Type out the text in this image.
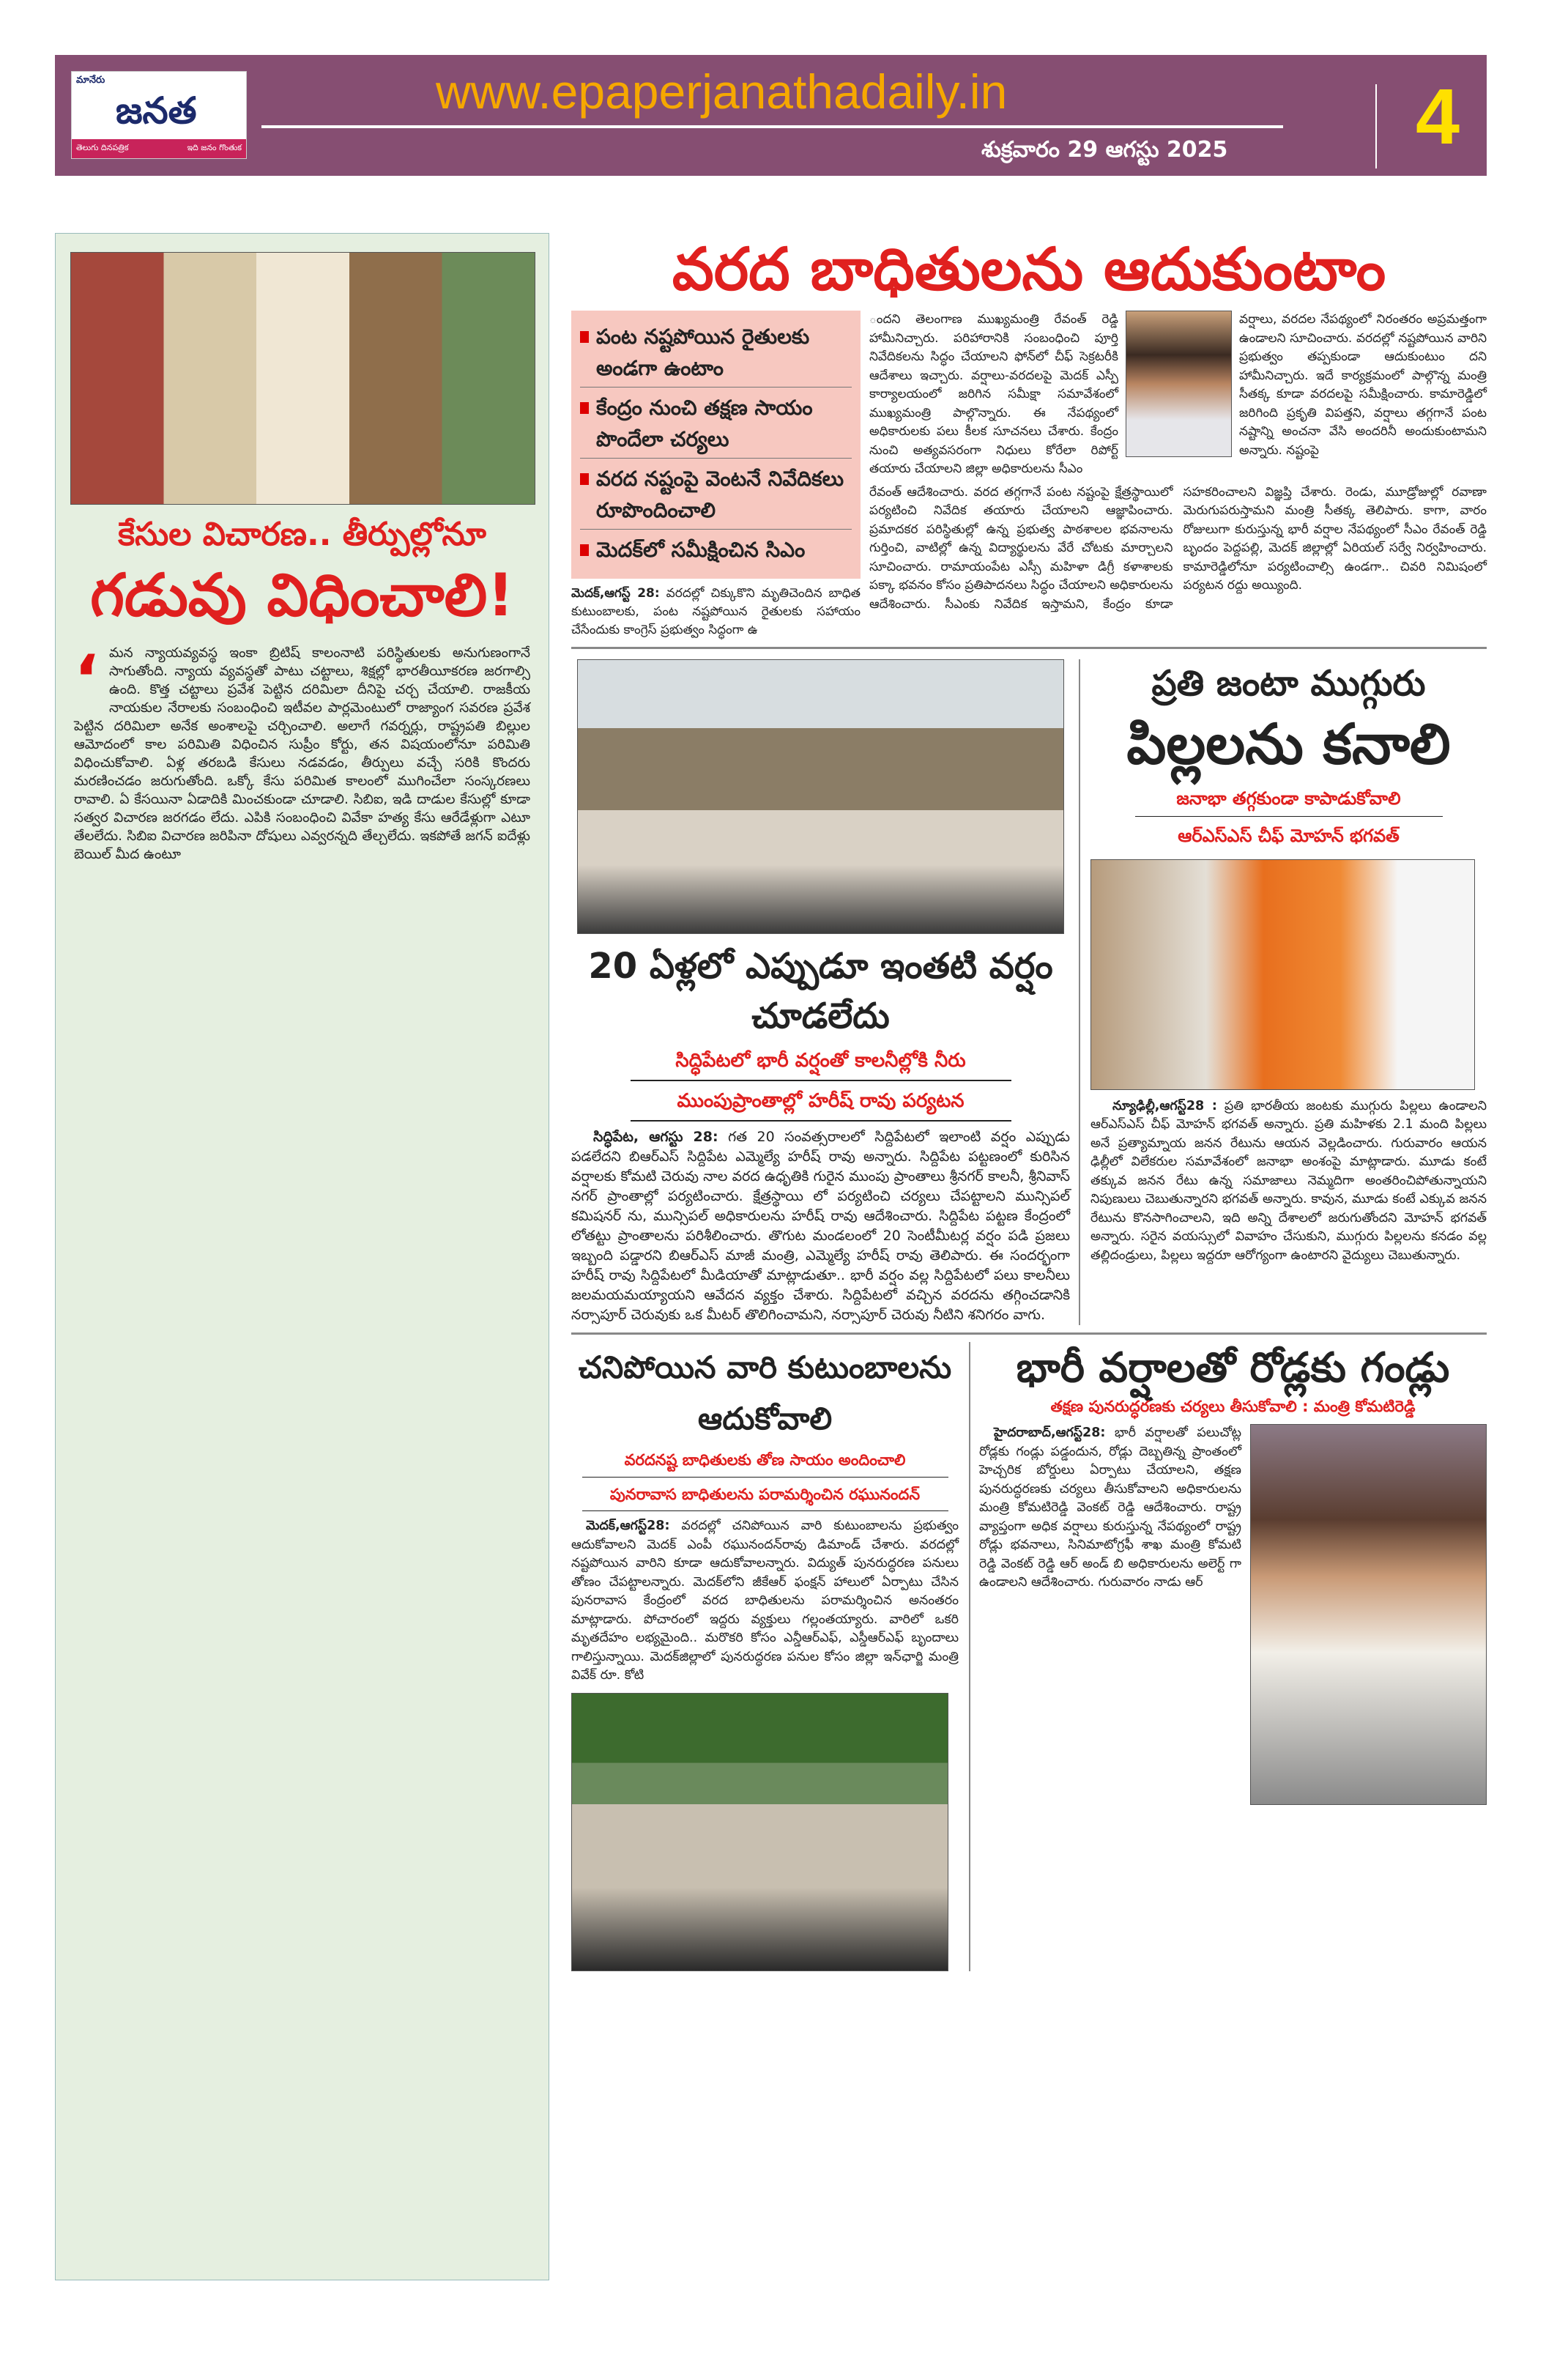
మానేరు
జనత
తెలుగు దినపత్రిక	ఇది జనం గొంతుక
www.epaperjanathadaily.in
శుక్రవారం 29 ఆగస్టు 2025 4
కేసుల విచారణ.. తీర్పుల్లోనూ
గడువు విధించాలి!
‘ మన న్యాయవ్యవస్థ ఇంకా బ్రిటిష్ కాలంనాటి పరిస్థితులకు అనుగుణంగానే సాగుతోంది. న్యాయ వ్యవస్థతో పాటు చట్టాలు, శిక్షల్లో భారతీయీకరణ జరగాల్సి ఉంది. కొత్త చట్టాలు ప్రవేశ పెట్టిన దరిమిలా దీనిపై చర్చ చేయాలి. రాజకీయ నాయకుల నేరాలకు సంబంధించి ఇటీవల పార్లమెంటులో రాజ్యాంగ సవరణ ప్రవేశ పెట్టిన దరిమిలా అనేక అంశాలపై చర్చించాలి. అలాగే గవర్నర్లు, రాష్ట్రపతి బిల్లుల ఆమోదంలో కాల పరిమితి విధించిన సుప్రీం కోర్టు, తన విషయంలోనూ పరిమితి విధించుకోవాలి. ఏళ్ల తరబడి కేసులు నడవడం, తీర్పులు వచ్చే సరికి కొందరు మరణించడం జరుగుతోంది. ఒక్కో కేసు పరిమిత కాలంలో ముగించేలా సంస్కరణలు రావాలి. ఏ కేసయినా ఏడాదికి మించకుండా చూడాలి. సిబిఐ, ఇడి దాడుల కేసుల్లో కూడా సత్వర విచారణ జరగడం లేదు. ఎపికి సంబంధించి వివేకా హత్య కేసు ఆరేడేళ్లుగా ఎటూ తేలలేదు. సిబిఐ విచారణ జరిపినా దోషులు ఎవ్వరన్నది తేల్చలేదు. ఇకపోతే జగన్ ఐదేళ్లు బెయిల్ మీద ఉంటూ
వరద బాధితులను ఆదుకుంటాం
పంట నష్టపోయిన రైతులకు అండగా ఉంటాం
కేంద్రం నుంచి తక్షణ సాయం పొందేలా చర్యలు
వరద నష్టంపై వెంటనే నివేదికలు రూపొందించాలి
మెదక్‌లో సమీక్షించిన సిఎం
మెదక్,ఆగస్ట్ 28: వరదల్లో చిక్కుకొని మృతిచెందిన బాధిత కుటుంబాలకు, పంట నష్టపోయిన రైతులకు సహాయం చేసేందుకు కాంగ్రెస్ ప్రభుత్వం సిద్ధంగా ఉ
ందని తెలంగాణ ముఖ్యమంత్రి రేవంత్ రెడ్డి హామీనిచ్చారు. పరిహారానికి సంబంధించి పూర్తి నివేదికలను సిద్ధం చేయాలని ఫోన్‌లో చీఫ్ సెక్రటరీకి ఆదేశాలు ఇచ్చారు. వర్షాలు-వరదలపై మెదక్ ఎస్పీ కార్యాలయంలో జరిగిన సమీక్షా సమావేశంలో ముఖ్యమంత్రి పాల్గొన్నారు. ఈ నేపథ్యంలో అధికారులకు పలు కీలక సూచనలు చేశారు. కేంద్రం నుంచి అత్యవసరంగా నిధులు కోరేలా రిపోర్ట్ తయారు చేయాలని జిల్లా అధికారులను సీఎం
వర్షాలు, వరదల నేపథ్యంలో నిరంతరం అప్రమత్తంగా ఉండాలని సూచించారు. వరదల్లో నష్టపోయిన వారిని ప్రభుత్వం తప్పకుండా ఆదుకుంటుం దని హామీనిచ్చారు. ఇదే కార్యక్రమంలో పాల్గొన్న మంత్రి సీతక్క కూడా వరదలపై సమీక్షించారు. కామారెడ్డిలో జరిగింది ప్రకృతి విపత్తని, వర్షాలు తగ్గగానే పంట నష్టాన్ని అంచనా వేసి అందరినీ అందుకుంటామని అన్నారు. నష్టంపై
రేవంత్ ఆదేశించారు. వరద తగ్గగానే పంట నష్టంపై క్షేత్రస్థాయిలో పర్యటించి నివేదిక తయారు చేయాలని ఆజ్ఞాపించారు. ప్రమాదకర పరిస్థితుల్లో ఉన్న ప్రభుత్వ పాఠశాలల భవనాలను గుర్తించి, వాటిల్లో ఉన్న విద్యార్థులను వేరే చోటకు మార్చాలని సూచించారు. రామాయంపేట ఎస్సీ మహిళా డిగ్రీ కళాశాలకు పక్కా భవనం కోసం ప్రతిపాదనలు సిద్ధం చేయాలని అధికారులను ఆదేశించారు. సీఎంకు నివేదిక ఇస్తామని, కేంద్రం కూడా సహకరించాలని విజ్ఞప్తి చేశారు. రెండు, మూడ్రోజుల్లో రవాణా మెరుగుపరుస్తామని మంత్రి సీతక్క తెలిపారు. కాగా, వారం రోజులుగా కురుస్తున్న భారీ వర్షాల నేపథ్యంలో సీఎం రేవంత్ రెడ్డి బృందం పెద్దపల్లి, మెదక్ జిల్లాల్లో ఏరియల్ సర్వే నిర్వహించారు. కామారెడ్డిలోనూ పర్యటించాల్సి ఉండగా.. చివరి నిమిషంలో పర్యటన రద్దు అయ్యింది.
20 ఏళ్లలో ఎప్పుడూ ఇంతటి వర్షం చూడలేదు
సిద్ధిపేటలో భారీ వర్షంతో కాలనీల్లోకి నీరు
ముంపుప్రాంతాల్లో హరీష్ రావు పర్యటన
సిద్ధిపేట, ఆగస్టు 28: గత 20 సంవత్సరాలలో సిద్దిపేటలో ఇలాంటి వర్షం ఎప్పుడు పడలేదని బిఆర్ఎస్ సిద్దిపేట ఎమ్మెల్యే హరీష్ రావు అన్నారు. సిద్దిపేట పట్టణంలో కురిసిన వర్షాలకు కోమటి చెరువు నాల వరద ఉధృతికి గురైన ముంపు ప్రాంతాలు శ్రీనగర్ కాలనీ, శ్రీనివాస్ నగర్ ప్రాంతాల్లో పర్యటించారు. క్షేత్రస్థాయి లో పర్యటించి చర్యలు చేపట్టాలని మున్సిపల్ కమిషనర్ ను, మున్సిపల్ అధికారులను హరీష్ రావు ఆదేశించారు. సిద్దిపేట పట్టణ కేంద్రంలో లోతట్టు ప్రాంతాలను పరిశీలించారు. తొగుట మండలంలో 20 సెంటీమీటర్ల వర్షం పడి ప్రజలు ఇబ్బంది పడ్డారని బిఆర్ఎస్ మాజీ మంత్రి, ఎమ్మెల్యే హరీష్ రావు తెలిపారు. ఈ సందర్భంగా హరీష్ రావు సిద్దిపేటలో మీడియాతో మాట్లాడుతూ.. భారీ వర్షం వల్ల సిద్దిపేటలో పలు కాలనీలు జలమయమయ్యాయని ఆవేదన వ్యక్తం చేశారు. సిద్దిపేటలో వచ్చిన వరదను తగ్గించడానికి నర్సాపూర్ చెరువుకు ఒక మీటర్ తొలిగించామని, నర్సాపూర్ చెరువు నీటిని శనిగరం వాగు.
ప్రతి జంటా ముగ్గురు
పిల్లలను కనాలి
జనాభా తగ్గకుండా కాపాడుకోవాలి
ఆర్ఎస్ఎస్ చీఫ్ మోహన్ భగవత్
న్యూఢిల్లీ,ఆగస్ట్28 : ప్రతి భారతీయ జంటకు ముగ్గురు పిల్లలు ఉండాలని ఆర్ఎస్ఎస్ చీఫ్ మోహన్ భగవత్ అన్నారు. ప్రతి మహిళకు 2.1 మంది పిల్లలు అనే ప్రత్యామ్నాయ జనన రేటును ఆయన వెల్లడించారు. గురువారం ఆయన ఢిల్లీలో విలేకరుల సమావేశంలో జనాభా అంశంపై మాట్లాడారు. మూడు కంటే తక్కువ జనన రేటు ఉన్న సమాజాలు నెమ్మదిగా అంతరించిపోతున్నాయని నిపుణులు చెబుతున్నారని భగవత్ అన్నారు. కావున, మూడు కంటే ఎక్కువ జనన రేటును కొనసాగించాలని, ఇది అన్ని దేశాలలో జరుగుతోందని మోహన్ భగవత్ అన్నారు. సరైన వయస్సులో వివాహం చేసుకుని, ముగ్గురు పిల్లలను కనడం వల్ల తల్లిదండ్రులు, పిల్లలు ఇద్దరూ ఆరోగ్యంగా ఉంటారని వైద్యులు చెబుతున్నారు.
చనిపోయిన వారి కుటుంబాలను ఆదుకోవాలి
వరదనష్ట బాధితులకు తోణ సాయం అందించాలి
పునరావాస బాధితులను పరామర్శించిన రఘునందన్
మెదక్,ఆగస్ట్28: వరదల్లో చనిపోయిన వారి కుటుంబాలను ప్రభుత్వం ఆదుకోవాలని మెదక్ ఎంపీ రఘునందన్‌రావు డిమాండ్ చేశారు. వరదల్లో నష్టపోయిన వారిని కూడా ఆదుకోవాలన్నారు. విద్యుత్ పునరుద్ధరణ పనులు తోణం చేపట్టాలన్నారు. మెదక్‌లోని జీకేఆర్ ఫంక్షన్ హాలులో ఏర్పాటు చేసిన పునరావాస కేంద్రంలో వరద బాధితులను పరామర్శించిన అనంతరం మాట్లాడారు. పోచారంలో ఇద్దరు వ్యక్తులు గల్లంతయ్యారు. వారిలో ఒకరి మృతదేహం లభ్యమైంది.. మరొకరి కోసం ఎన్డీఆర్ఎఫ్, ఎస్డీఆర్ఎఫ్ బృందాలు గాలిస్తున్నాయి. మెదక్‌జిల్లాలో పునరుద్ధరణ పనుల కోసం జిల్లా ఇన్‌ఛార్జి మంత్రి వివేక్ రూ. కోటి
భారీ వర్షాలతో రోడ్లకు గండ్లు
తక్షణ పునరుద్ధరణకు చర్యలు తీసుకోవాలి : మంత్రి కోమటిరెడ్డి
హైదరాబాద్,ఆగస్ట్28: భారీ వర్షాలతో పలుచోట్ల రోడ్లకు గండ్లు పడ్డందున, రోడ్లు దెబ్బతిన్న ప్రాంతంలో హెచ్చరిక బోర్డులు ఏర్పాటు చేయాలని, తక్షణ పునరుద్ధరణకు చర్యలు తీసుకోవాలని అధికారులను మంత్రి కోమటిరెడ్డి వెంకట్ రెడ్డి ఆదేశించారు. రాష్ట్ర వ్యాప్తంగా అధిక వర్షాలు కురుస్తున్న నేపథ్యంలో రాష్ట్ర రోడ్లు భవనాలు, సినిమాటోగ్రఫీ శాఖ మంత్రి కోమటి రెడ్డి వెంకట్ రెడ్డి ఆర్ అండ్ బి అధికారులను అలెర్ట్ గా ఉండాలని ఆదేశించారు. గురువారం నాడు ఆర్
